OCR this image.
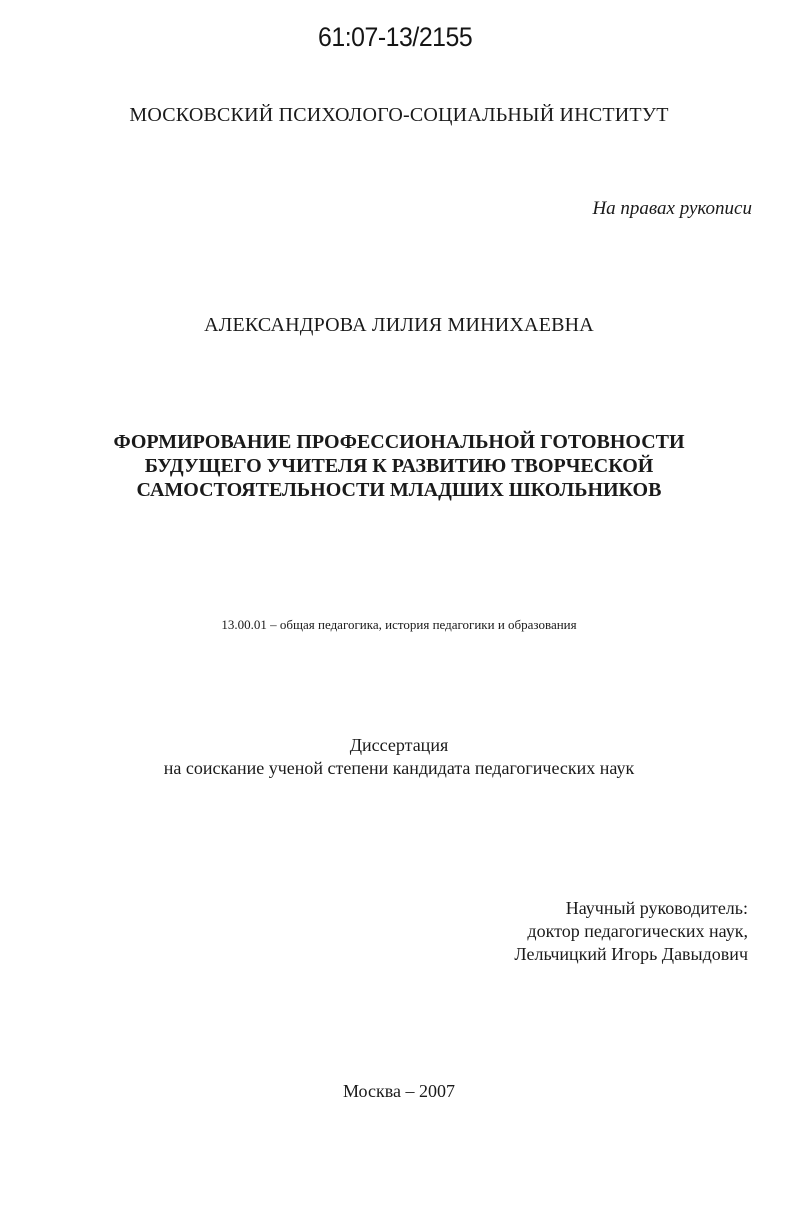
61:07-13/2155
МОСКОВСКИЙ ПСИХОЛОГО-СОЦИАЛЬНЫЙ ИНСТИТУТ
На правах рукописи
АЛЕКСАНДРОВА ЛИЛИЯ МИНИХАЕВНА
ФОРМИРОВАНИЕ ПРОФЕССИОНАЛЬНОЙ ГОТОВНОСТИ
БУДУЩЕГО УЧИТЕЛЯ К РАЗВИТИЮ ТВОРЧЕСКОЙ
САМОСТОЯТЕЛЬНОСТИ МЛАДШИХ ШКОЛЬНИКОВ
13.00.01 – общая педагогика, история педагогики и образования
Диссертация
на соискание ученой степени кандидата педагогических наук
Научный руководитель:
доктор педагогических наук,
Лельчицкий Игорь Давыдович
Москва – 2007
